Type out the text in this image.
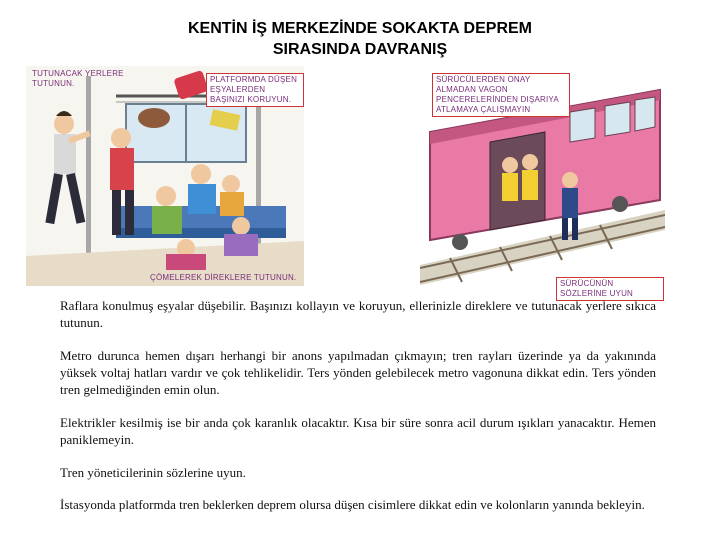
KENTİN İŞ MERKEZİNDE SOKAKTA DEPREM
SIRASINDA DAVRANIŞ
TUTUNACAK YERLERE TUTUNUN.	PLATFORMDA DÜŞEN EŞYALERDEN BAŞINIZI KORUYUN.
ÇÖMELEREK DİREKLERE TUTUNUN.
SÜRÜCÜLERDEN ONAY ALMADAN VAGON PENCERELERİNDEN DIŞARIYA ATLAMAYA ÇALIŞMAYIN
SÜRÜCÜNÜN SÖZLERİNE UYUN
Raflara konulmuş eşyalar düşebilir. Başınızı kollayın ve koruyun, ellerinizle direklere ve tutunacak yerlere sıkıca tutunun.
Metro durunca hemen dışarı herhangi bir anons yapılmadan çıkmayın; tren rayları üzerinde ya da yakınında yüksek voltaj hatları vardır ve çok tehlikelidir. Ters yönden gelebilecek metro vagonuna dikkat edin. Ters yönden tren gelmediğinden emin olun.
Elektrikler kesilmiş ise bir anda çok karanlık olacaktır. Kısa bir süre sonra acil durum ışıkları yanacaktır. Hemen paniklemeyin.
Tren yöneticilerinin sözlerine uyun.
İstasyonda platformda tren beklerken deprem olursa düşen cisimlere dikkat edin ve kolonların yanında bekleyin.
